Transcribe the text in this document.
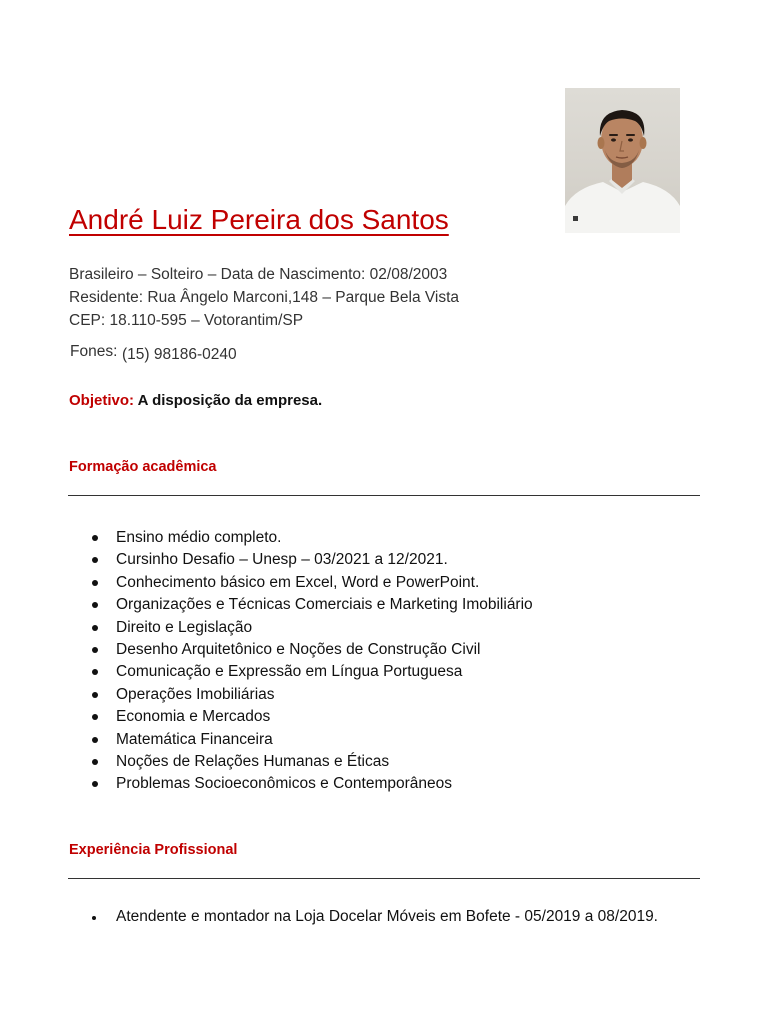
André Luiz Pereira dos Santos
Brasileiro – Solteiro – Data de Nascimento: 02/08/2003
Residente: Rua Ângelo Marconi,148 – Parque Bela Vista
CEP: 18.110-595 – Votorantim/SP
Fones: (15) 98186-0240
Objetivo: A disposição da empresa.
Formação acadêmica
Ensino médio completo.
Cursinho Desafio – Unesp – 03/2021 a 12/2021.
Conhecimento básico em Excel, Word e PowerPoint.
Organizações e Técnicas Comerciais e Marketing Imobiliário
Direito e Legislação
Desenho Arquitetônico e Noções de Construção Civil
Comunicação e Expressão em Língua Portuguesa
Operações Imobiliárias
Economia e Mercados
Matemática Financeira
Noções de Relações Humanas e Éticas
Problemas Socioeconômicos e Contemporâneos
Experiência Profissional
Atendente e montador na Loja Docelar Móveis em Bofete - 05/2019 a 08/2019.
